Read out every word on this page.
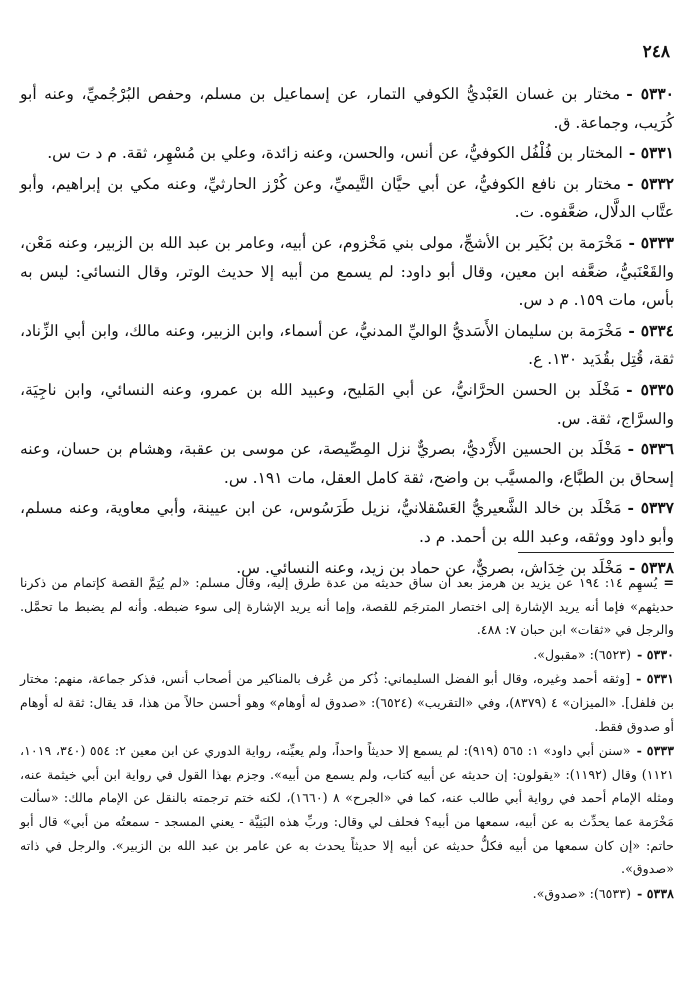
٢٤٨

٥٣٣٠ -مختار بن غسان العَبْديُّ الكوفي التمار، عن إسماعيل بن مسلم، وحفص البُرْجُميِّ، وعنه أبو كُرَيب، وجماعة. ق.

٥٣٣١ -المختار بن فُلْفُل الكوفيُّ، عن أنس، والحسن، وعنه زائدة، وعلي بن مُسْهِر، ثقة. م د ت س.

٥٣٣٢ -مختار بن نافع الكوفيُّ، عن أبي حيَّان التَّيميِّ، وعن كُرْز الحارثيِّ، وعنه مكي بن إبراهيم، وأبو عتَّاب الدلَّال، ضعَّفوه. ت.

٥٣٣٣ -مَخْرَمة بن بُكَير بن الأشجِّ، مولى بني مَخْزوم، عن أبيه، وعامر بن عبد الله بن الزبير، وعنه مَعْن، والقَعْنَبيُّ، ضعَّفه ابن معين، وقال أبو داود: لم يسمع من أبيه إلا حديث الوتر، وقال النسائي: ليس به بأس، مات ١٥٩. م د س.

٥٣٣٤ -مَخْرَمة بن سليمان الأَسَديُّ الواليِّ المدنيُّ، عن أسماء، وابن الزبير، وعنه مالك، وابن أبي الزِّناد، ثقة، قُتِل بقُدَيد ١٣٠. ع.

٥٣٣٥ -مَخْلَد بن الحسن الحرَّانيُّ، عن أبي المَليح، وعبيد الله بن عمرو، وعنه النسائي، وابن ناجِيَة، والسرَّاج، ثقة. س.

٥٣٣٦ -مَخْلَد بن الحسين الأَزْديُّ، بصريٌّ نزل المِصِّيصة، عن موسى بن عقبة، وهشام بن حسان، وعنه إسحاق بن الطبَّاع، والمسيَّب بن واضح، ثقة كامل العقل، مات ١٩١. س.

٥٣٣٧ -مَخْلَد بن خالد الشَّعيريُّ العَسْقلانيُّ، نزيل طَرَسُوس، عن ابن عيينة، وأبي معاوية، وعنه مسلم، وأبو داود ووثقه، وعبد الله بن أحمد. م د.

٥٣٣٨ -مَخْلَد بن خِدَاش، بصريٌّ، عن حماد بن زيد، وعنه النسائي. س.

=يُسهِم ١٤: ١٩٤ عن يزيد بن هرمز بعد أن ساق حديثه من عدة طرق إليه، وقال مسلم: «لم يُتِمَّ القصة كإتمام من ذكرنا حديثهم» فإما أنه يريد الإشارة إلى اختصار المترجَم للقصة، وإما أنه يريد الإشارة إلى سوء ضبطه. وأنه لم يضبط ما تحمَّل. والرجل في «ثقات» ابن حبان ٧: ٤٨٨.

٥٣٣٠ -(٦٥٢٣): «مقبول».

٥٣٣١ -[وثقه أحمد وغيره، وقال أبو الفضل السليماني: ذُكر من عُرف بالمناكير من أصحاب أنس، فذكر جماعة، منهم: مختار بن فلفل]. «الميزان» ٤ (٨٣٧٩)، وفي «التقريب» (٦٥٢٤): «صدوق له أوهام» وهو أحسن حالاً من هذا، قد يقال: ثقة له أوهام أو صدوق فقط.

٥٣٣٣ -«سنن أبي داود» ١: ٥٦٥ (٩١٩): لم يسمع إلا حديثاً واحداً، ولم يعيِّنه، رواية الدوري عن ابن معين ٢: ٥٥٤ (٣٤٠، ١٠١٩، ١١٢١) وقال (١١٩٢): «يقولون: إن حديثه عن أبيه كتاب، ولم يسمع من أبيه». وجزم بهذا القول في رواية ابن أبي خيثمة عنه، ومثله الإمام أحمد في رواية أبي طالب عنه، كما في «الجرح» ٨ (١٦٦٠)، لكنه ختم ترجمته بالنقل عن الإمام مالك: «سألت مَخْرَمة عما يحدِّث به عن أبيه، سمعها من أبيه؟ فحلف لي وقال: وربِّ هذه البَنِيَّة - يعني المسجد - سمعتُه من أبي» قال أبو حاتم: «إن كان سمعها من أبيه فكلُّ حديثه عن أبيه إلا حديثاً يحدث به عن عامر بن عبد الله بن الزبير». والرجل في ذاته «صدوق».

٥٣٣٨ -(٦٥٣٣): «صدوق».
